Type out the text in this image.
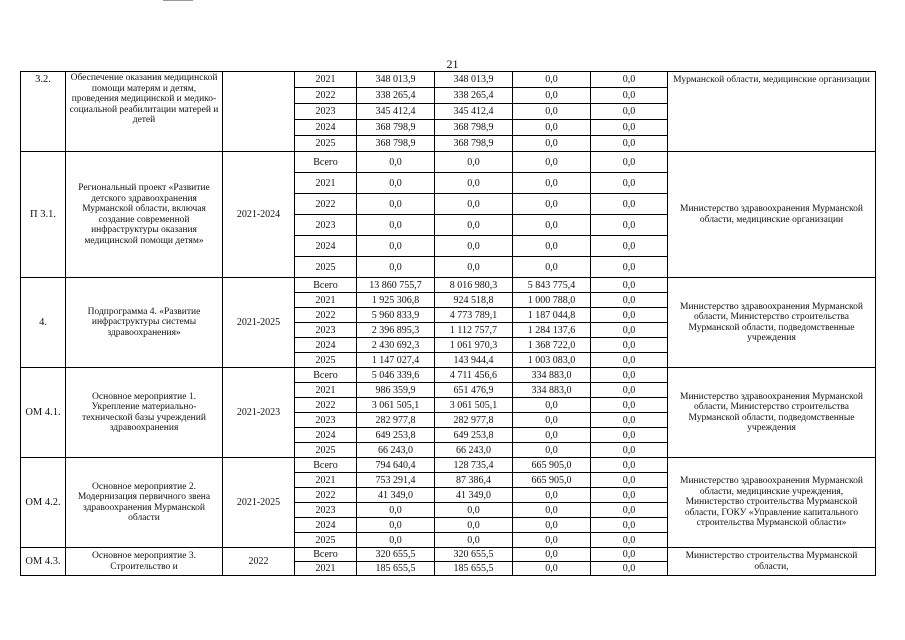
21
3.2.	Обеспечение оказания медицинской помощи матерям и детям, проведения медицинской и медико-социальной реабилитации матерей и детей		2021	348 013,9	348 013,9	0,0	0,0	Мурманской области, медицинские организации
			2022	338 265,4	338 265,4	0,0	0,0	
			2023	345 412,4	345 412,4	0,0	0,0	
			2024	368 798,9	368 798,9	0,0	0,0	
			2025	368 798,9	368 798,9	0,0	0,0	
П 3.1.	Региональный проект «Развитие детского здравоохранения Мурманской области, включая создание современной инфраструктуры оказания медицинской помощи детям»	2021-2024	Всего	0,0	0,0	0,0	0,0	Министерство здравоохранения Мурманской области, медицинские организации
			2021	0,0	0,0	0,0	0,0	
			2022	0,0	0,0	0,0	0,0	
			2023	0,0	0,0	0,0	0,0	
			2024	0,0	0,0	0,0	0,0	
			2025	0,0	0,0	0,0	0,0	
4.	Подпрограмма 4. «Развитие инфраструктуры системы здравоохранения»	2021-2025	Всего	13 860 755,7	8 016 980,3	5 843 775,4	0,0	Министерство здравоохранения Мурманской области, Министерство строительства Мурманской области, подведомственные учреждения
			2021	1 925 306,8	924 518,8	1 000 788,0	0,0	
			2022	5 960 833,9	4 773 789,1	1 187 044,8	0,0	
			2023	2 396 895,3	1 112 757,7	1 284 137,6	0,0	
			2024	2 430 692,3	1 061 970,3	1 368 722,0	0,0	
			2025	1 147 027,4	143 944,4	1 003 083,0	0,0	
ОМ 4.1.	Основное мероприятие 1. Укрепление материально-технической базы учреждений здравоохранения	2021-2023	Всего	5 046 339,6	4 711 456,6	334 883,0	0,0	Министерство здравоохранения Мурманской области, Министерство строительства Мурманской области, подведомственные учреждения
			2021	986 359,9	651 476,9	334 883,0	0,0	
			2022	3 061 505,1	3 061 505,1	0,0	0,0	
			2023	282 977,8	282 977,8	0,0	0,0	
			2024	649 253,8	649 253,8	0,0	0,0	
			2025	66 243,0	66 243,0	0,0	0,0	
ОМ 4.2.	Основное мероприятие 2. Модернизация первичного звена здравоохранения Мурманской области	2021-2025	Всего	794 640,4	128 735,4	665 905,0	0,0	Министерство здравоохранения Мурманской области, медицинские учреждения, Министерство строительства Мурманской области, ГОКУ «Управление капитального строительства Мурманской области»
			2021	753 291,4	87 386,4	665 905,0	0,0	
			2022	41 349,0	41 349,0	0,0	0,0	
			2023	0,0	0,0	0,0	0,0	
			2024	0,0	0,0	0,0	0,0	
			2025	0,0	0,0	0,0	0,0	
ОМ 4.3.	Основное мероприятие 3. Строительство и	2022	Всего	320 655,5	320 655,5	0,0	0,0	Министерство строительства Мурманской области,
			2021	185 655,5	185 655,5	0,0	0,0	
